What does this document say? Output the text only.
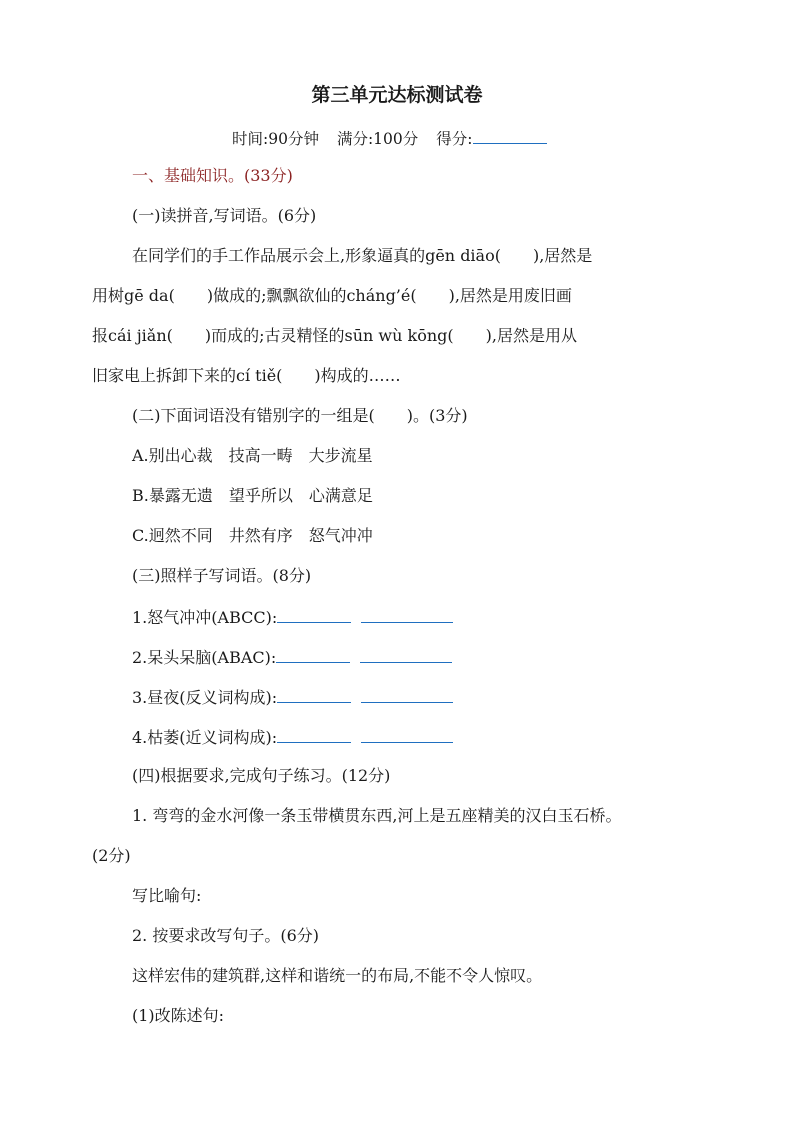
第三单元达标测试卷
时间:90分钟 满分:100分 得分:
一、基础知识。(33分)
(一)读拼音,写词语。(6分)
在同学们的手工作品展示会上,形象逼真的gēn diāo(　　),居然是
用树gē da(　　)做成的;飘飘欲仙的cháng’é(　　),居然是用废旧画
报cái jiǎn(　　)而成的;古灵精怪的sūn wù kōng(　　),居然是用从
旧家电上拆卸下来的cí tiě(　　)构成的……
(二)下面词语没有错别字的一组是(　　)。(3分)
A.别出心裁　技高一畴　大步流星
B.暴露无遗　望乎所以　心满意足
C.迥然不同　井然有序　怒气冲冲
(三)照样子写词语。(8分)
1.怒气冲冲(ABCC):
2.呆头呆脑(ABAC):
3.昼夜(反义词构成):
4.枯萎(近义词构成):
(四)根据要求,完成句子练习。(12分)
1. 弯弯的金水河像一条玉带横贯东西,河上是五座精美的汉白玉石桥。
(2分)
写比喻句:
2. 按要求改写句子。(6分)
这样宏伟的建筑群,这样和谐统一的布局,不能不令人惊叹。
(1)改陈述句:
